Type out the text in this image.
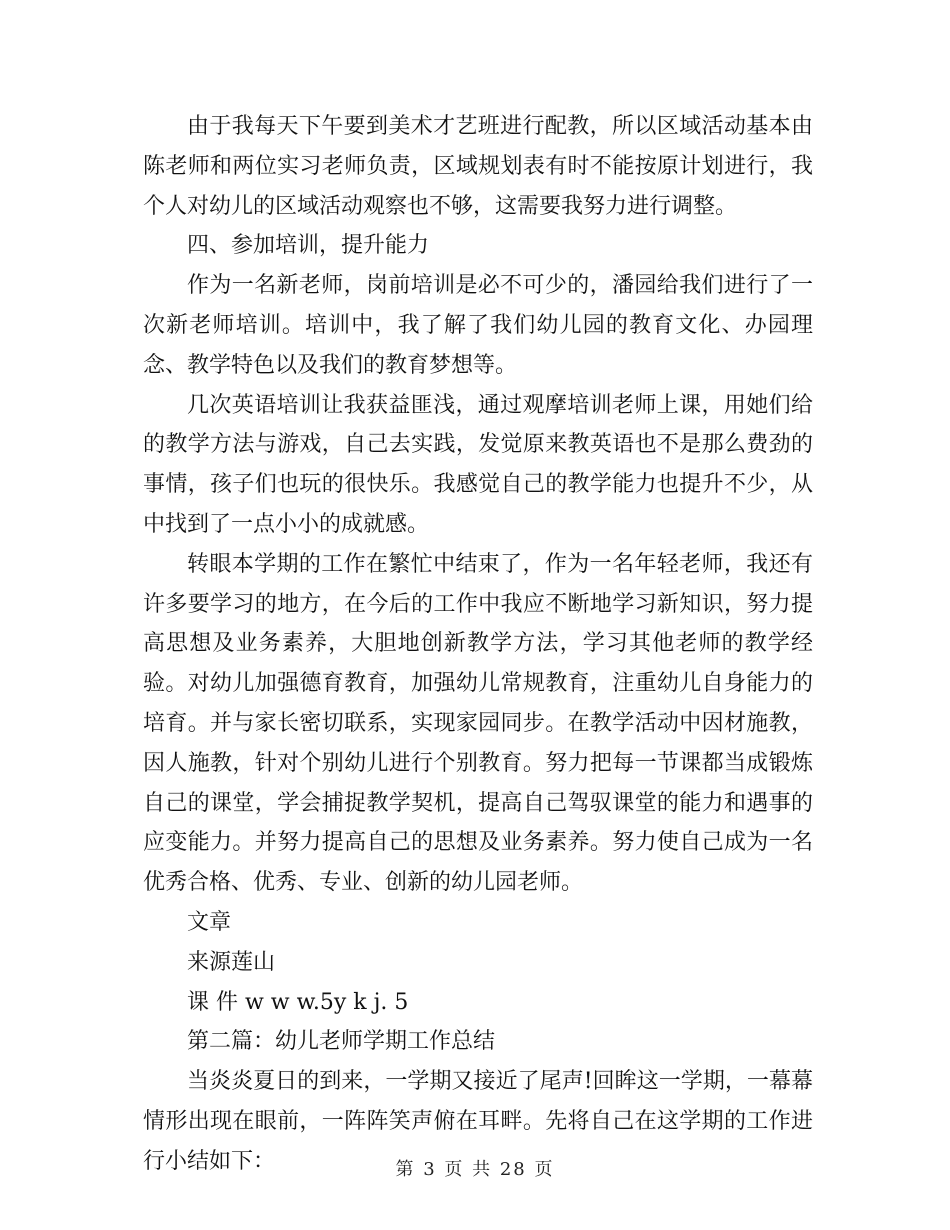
由于我每天下午要到美术才艺班进行配教，所以区域活动基本由陈老师和两位实习老师负责，区域规划表有时不能按原计划进行，我个人对幼儿的区域活动观察也不够，这需要我努力进行调整。

四、参加培训，提升能力

作为一名新老师，岗前培训是必不可少的，潘园给我们进行了一次新老师培训。培训中，我了解了我们幼儿园的教育文化、办园理念、教学特色以及我们的教育梦想等。

几次英语培训让我获益匪浅，通过观摩培训老师上课，用她们给的教学方法与游戏，自己去实践，发觉原来教英语也不是那么费劲的事情，孩子们也玩的很快乐。我感觉自己的教学能力也提升不少，从中找到了一点小小的成就感。

转眼本学期的工作在繁忙中结束了，作为一名年轻老师，我还有许多要学习的地方，在今后的工作中我应不断地学习新知识，努力提高思想及业务素养，大胆地创新教学方法，学习其他老师的教学经验。对幼儿加强德育教育，加强幼儿常规教育，注重幼儿自身能力的培育。并与家长密切联系，实现家园同步。在教学活动中因材施教，因人施教，针对个别幼儿进行个别教育。努力把每一节课都当成锻炼自己的课堂，学会捕捉教学契机，提高自己驾驭课堂的能力和遇事的应变能力。并努力提高自己的思想及业务素养。努力使自己成为一名优秀合格、优秀、专业、创新的幼儿园老师。

文章

来源莲山

课 件 w w w.5y k j. 5

第二篇：幼儿老师学期工作总结

当炎炎夏日的到来，一学期又接近了尾声!回眸这一学期，一幕幕情形出现在眼前，一阵阵笑声俯在耳畔。先将自己在这学期的工作进行小结如下：	第 3 页 共 28 页
